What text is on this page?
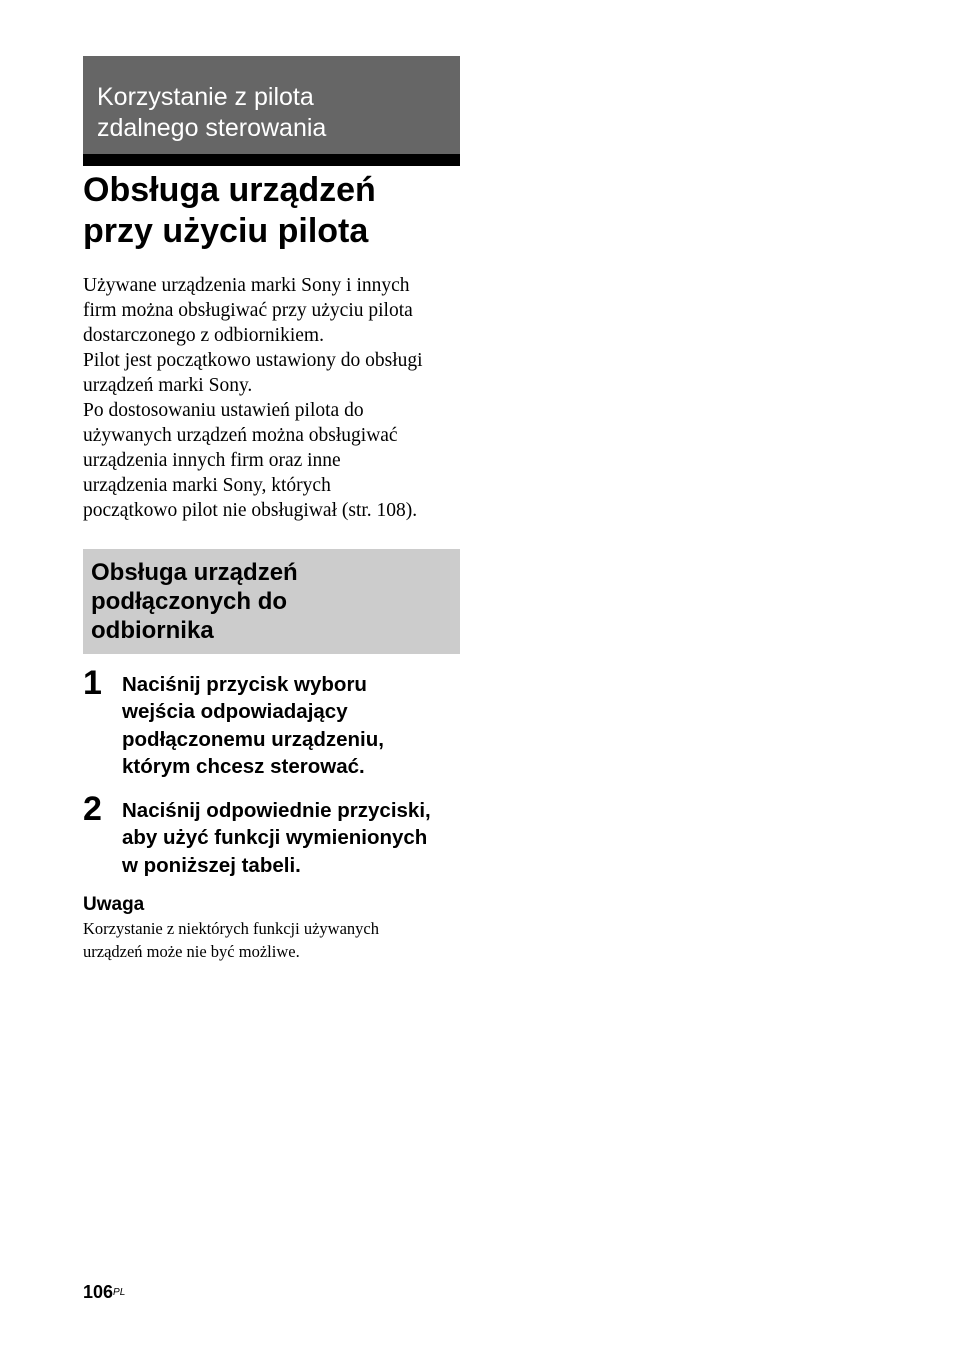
Korzystanie z pilota
zdalnego sterowania
Obsługa urządzeń
przy użyciu pilota

Używane urządzenia marki Sony i innych
firm można obsługiwać przy użyciu pilota
dostarczonego z odbiornikiem.

Pilot jest początkowo ustawiony do obsługi
urządzeń marki Sony.

Po dostosowaniu ustawień pilota do
używanych urządzeń można obsługiwać
urządzenia innych firm oraz inne
urządzenia marki Sony, których
początkowo pilot nie obsługiwał (str. 108).

Obsługa urządzeń
podłączonych do
odbiornika
1 Naciśnij przycisk wyboru
wejścia odpowiadający
podłączonemu urządzeniu,
którym chcesz sterować.
2 Naciśnij odpowiednie przyciski,
aby użyć funkcji wymienionych
w poniższej tabeli.
Uwaga

Korzystanie z niektórych funkcji używanych
urządzeń może nie być możliwe.

$106^{PL}$
